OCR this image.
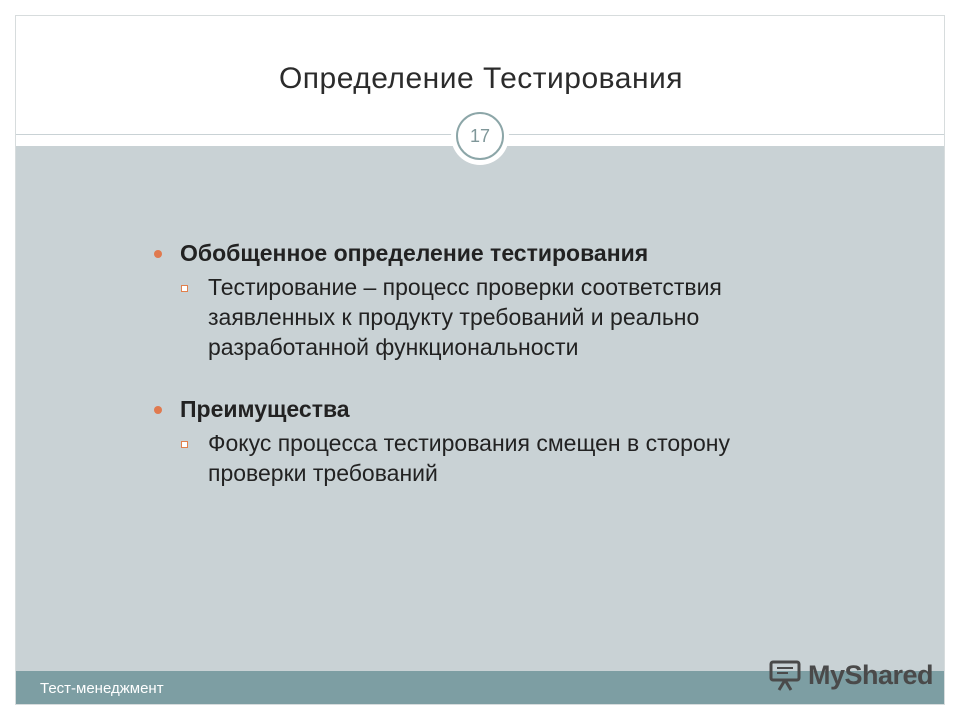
Определение Тестирования
17
Тест-менеджмент	MyShared
Обобщенное определение тестирования
Тестирование – процесс проверки соответствия заявленных к продукту требований и реально разработанной функциональности
Преимущества
Фокус процесса тестирования смещен в сторону проверки требований
